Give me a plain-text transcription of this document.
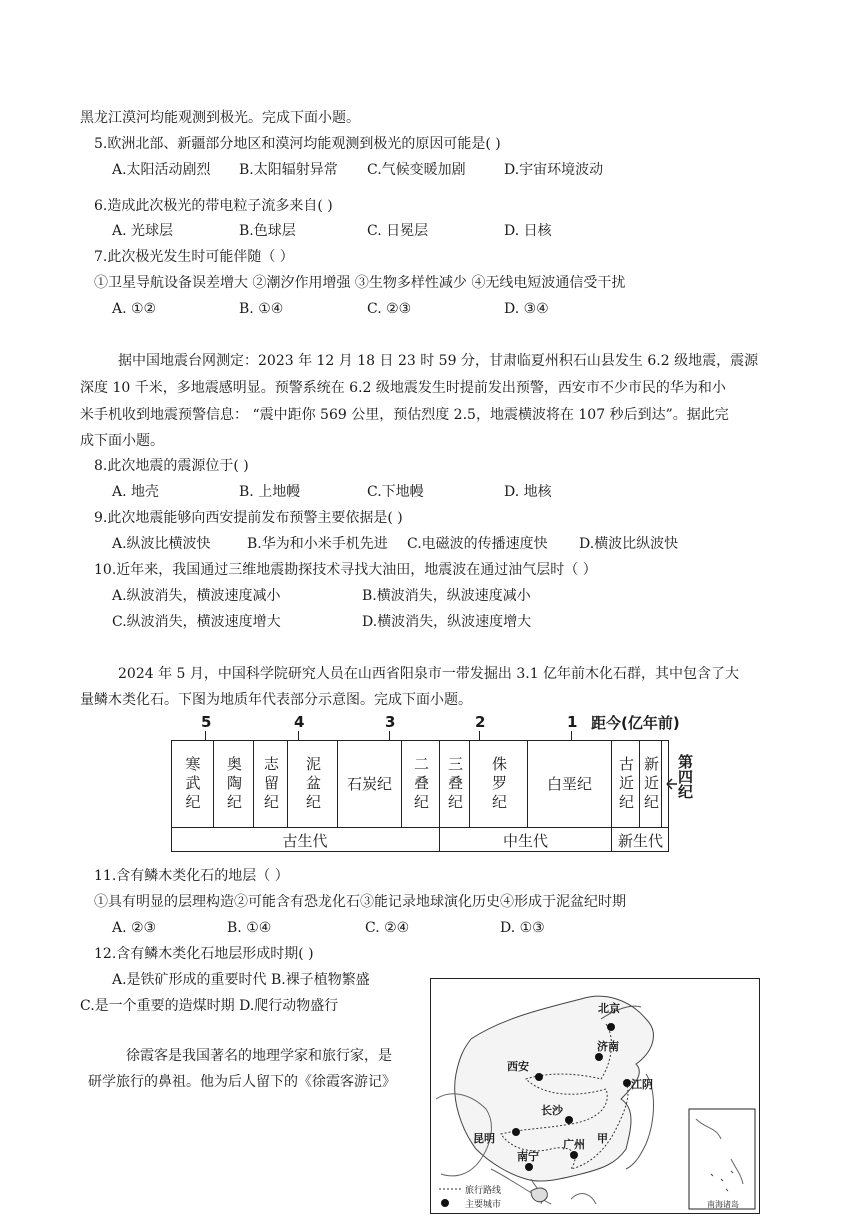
黑龙江漠河均能观测到极光。完成下面小题。
5.欧洲北部、新疆部分地区和漠河均能观测到极光的原因可能是( )
A.太阳活动剧烈 B.太阳辐射异常 C.气候变暖加剧	D.宇宙环境波动
6.造成此次极光的带电粒子流多来自( )
A. 光球层	B.色球层	C. 日冕层	D. 日核
7.此次极光发生时可能伴随（ ）
①卫星导航设备误差增大 ②潮汐作用增强 ③生物多样性减少 ④无线电短波通信受干扰
A. ①②	B. ①④	C. ②③	D. ③④
据中国地震台网测定：2023 年 12 月 18 日 23 时 59 分，甘肃临夏州积石山县发生 6.2 级地震，震源
深度 10 千米，多地震感明显。预警系统在 6.2 级地震发生时提前发出预警，西安市不少市民的华为和小
米手机收到地震预警信息： “震中距你 569 公里，预估烈度 2.5，地震横波将在 107 秒后到达”。据此完
成下面小题。
8.此次地震的震源位于( )
A. 地壳	B. 上地幔	C.下地幔	D. 地核
9.此次地震能够向西安提前发布预警主要依据是( )
A.纵波比横波快	B.华为和小米手机先进 C.电磁波的传播速度快 D.横波比纵波快
10.近年来，我国通过三维地震勘探技术寻找大油田，地震波在通过油气层时（ ）
A.纵波消失，横波速度减小	B.横波消失，纵波速度减小
C.纵波消失，横波速度增大	D.横波消失，纵波速度增大
2024 年 5 月，中国科学院研究人员在山西省阳泉市一带发掘出 3.1 亿年前木化石群，其中包含了大
量鳞木类化石。下图为地质年代表部分示意图。完成下面小题。
5	4	3	2	1 距今(亿年前)
寒武纪 奥陶纪 志留纪 泥盆纪	石炭纪	二叠纪 三叠纪 侏罗纪	白垩纪	古近纪 新近纪
古生代	中生代	新生代
第四纪
11.含有鳞木类化石的地层（ ）
①具有明显的层理构造②可能含有恐龙化石③能记录地球演化历史④形成于泥盆纪时期
A. ②③	B. ①④	C. ②④	D. ①③
12.含有鳞木类化石地层形成时期( )
A.是铁矿形成的重要时代 B.裸子植物繁盛
C.是一个重要的造煤时期 D.爬行动物盛行
徐霞客是我国著名的地理学家和旅行家，是
研学旅行的鼻祖。他为后人留下的《徐霞客游记》
北京
济南
西安
江阴
长沙
昆明
南宁
广州 甲
旅行路线
主要城市	南海诸岛
